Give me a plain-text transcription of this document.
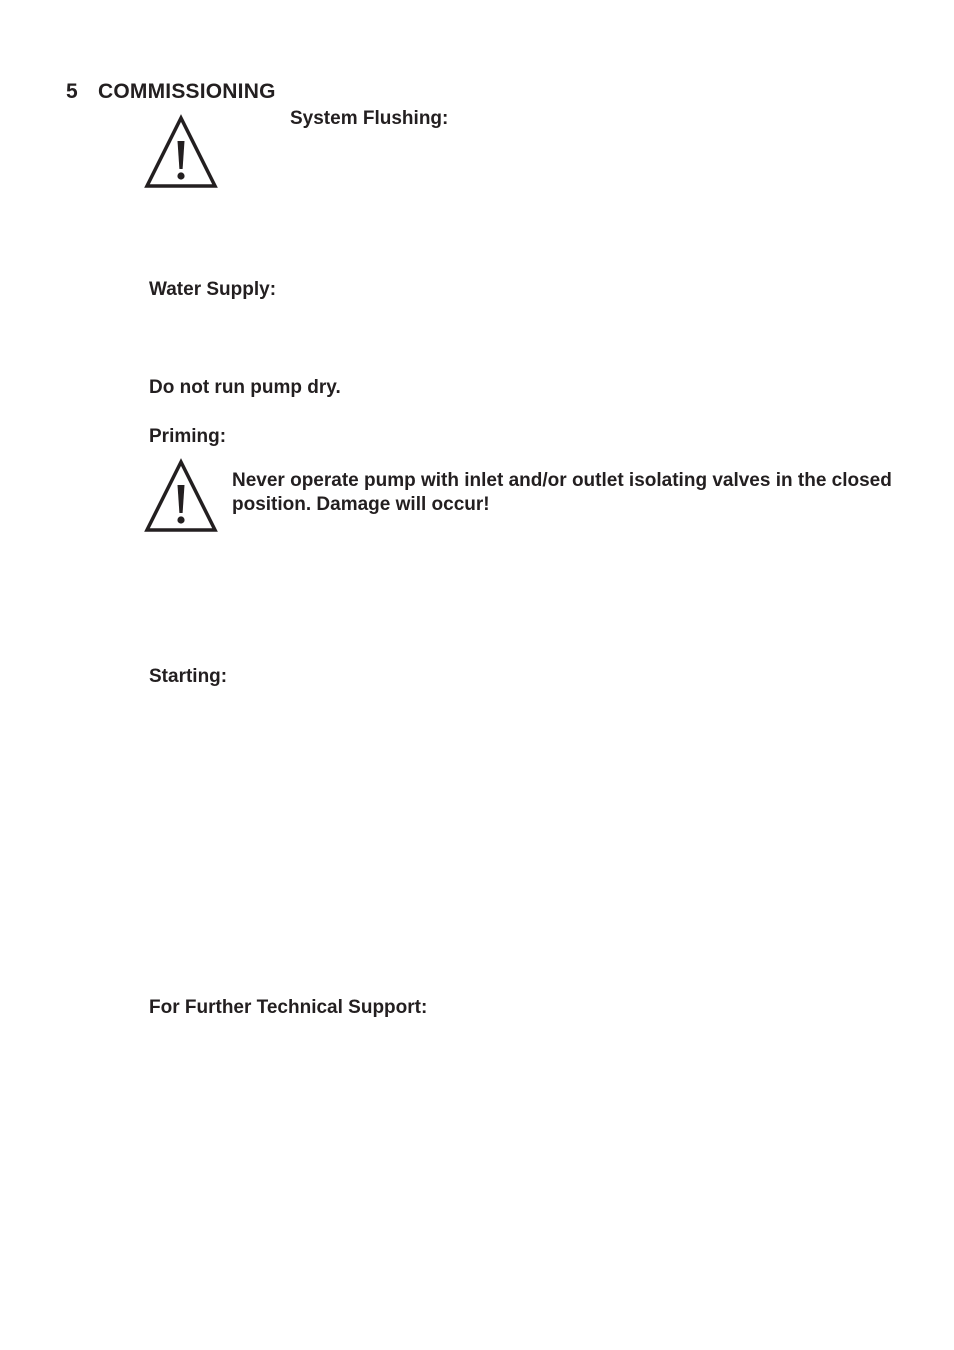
5 COMMISSIONING
System Flushing:
Water Supply:
Do not run pump dry.
Priming:
Never operate pump with inlet and/or outlet isolating valves in the closed position. Damage will occur!
Starting:
For Further Technical Support:
